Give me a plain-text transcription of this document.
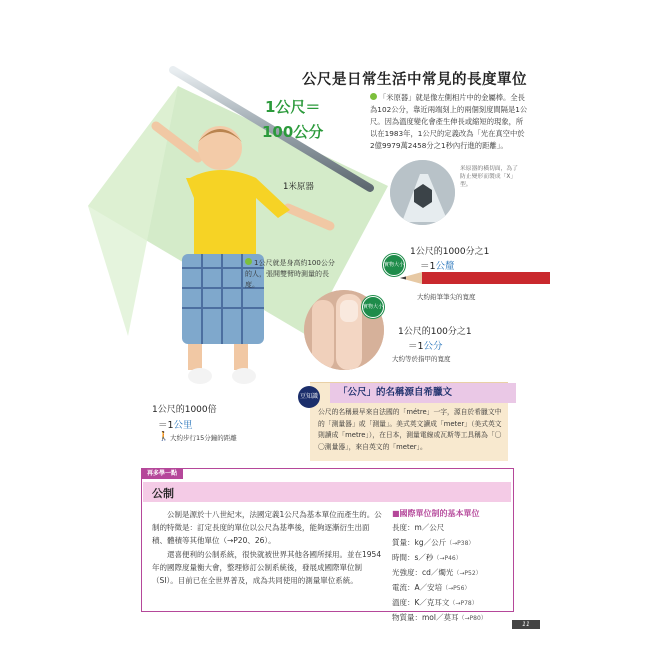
公尺是日常生活中常見的長度單位
1公尺＝
100公分
1米原器
「米原器」就是像左側相片中的金屬棒。全長為102公分，靠近兩端刻上的兩個刻度間隔是1公尺。因為溫度變化會產生伸長或縮短的現象，所以在1983年，1公尺的定義改為「光在真空中於2億9979萬2458分之1秒內行進的距離」。
米原器的橫切面，為了防止變形而製成「X」型。
1公尺就是身高約100公分的人，張開雙臂時測量的長度。
實物大小
1公尺的1000分之1
＝1公釐
大約鉛筆筆尖的寬度
實物大小
1公尺的100分之1
＝1公分
大約等於指甲的寬度
1公尺的1000倍
＝1公里
🚶 大約步行15分鐘的距離
豆知識	「公尺」的名稱源自希臘文
公尺的名稱最早來自法國的「métre」一字，源自於希臘文中的「測量器」或「測量」。美式英文讀成「meter」（美式英文則讀成「metre」），在日本，測量電線或瓦斯等工具稱為「〇〇測量器」，來自英文的「meter」。
再多學一點
公制
公制是源於十八世紀末，法國定義1公尺為基本單位而產生的。公制的特徵是：訂定長度的單位以公尺為基準後，能夠逐漸衍生出面積、體積等其他單位（→P20、26）。
還喜便利的公制系統，很快就被世界其他各國所採用。並在1954年的國際度量衡大會，整理修訂公制系統後，發展成國際單位制（SI）。目前已在全世界普及，成為共同使用的測量單位系統。
■國際單位制的基本單位
長度：m／公尺
質量：kg／公斤（→P38）
時間：s／秒（→P46）
光強度：cd／燭光（→P52）
電流：A／安培（→P56）
溫度：K／克耳文（→P78）
物質量：mol／莫耳（→P80）
11
